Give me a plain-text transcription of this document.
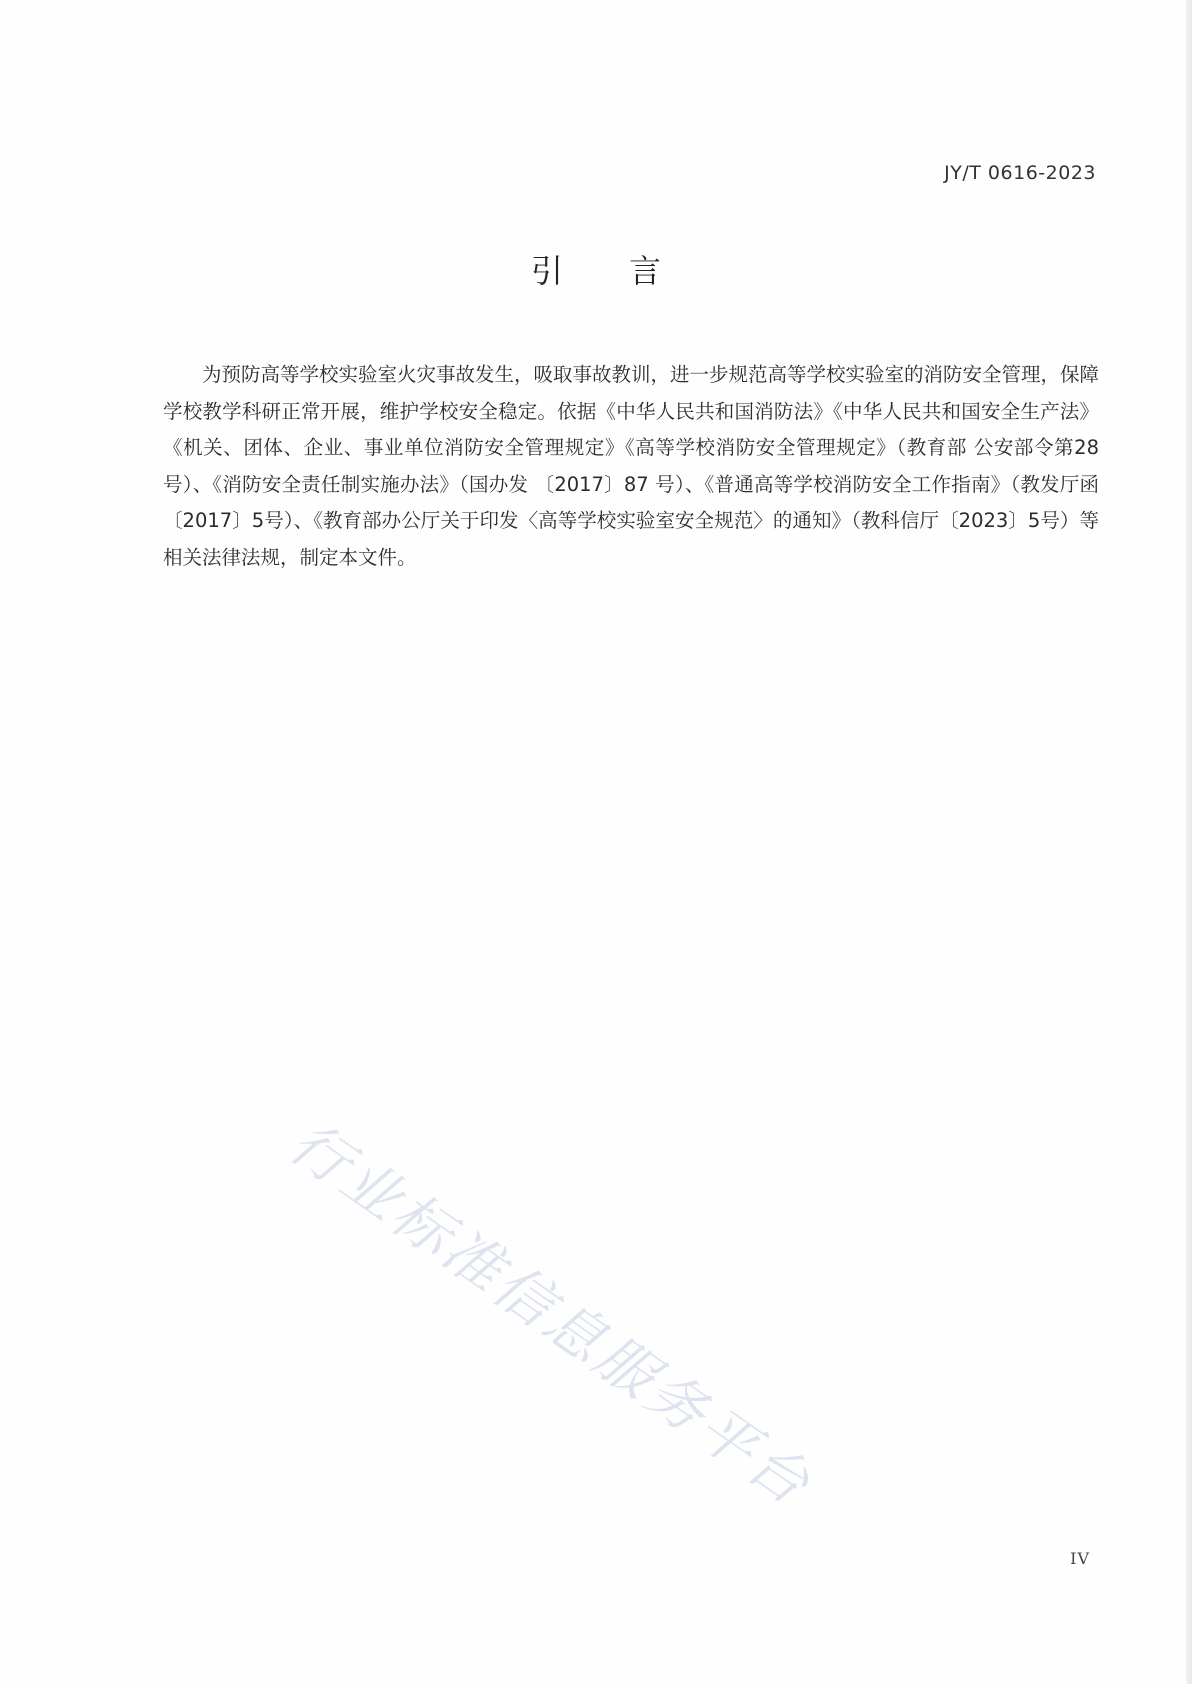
JY/T 0616-2023
引 言

为预防高等学校实验室火灾事故发生，吸取事故教训，进一步规范高等学校实验室的消防安全管理，保障学校教学科研正常开展，维护学校安全稳定。依据《中华人民共和国消防法》《中华人民共和国安全生产法》《机关、团体、企业、事业单位消防安全管理规定》《高等学校消防安全管理规定》（教育部 公安部令第28号）、《消防安全责任制实施办法》（国办发 〔2017〕87 号）、《普通高等学校消防安全工作指南》（教发厅函 〔2017〕5号）、《教育部办公厅关于印发〈高等学校实验室安全规范〉的通知》（教科信厅〔2023〕5号）等相关法律法规，制定本文件。

行业标准信息服务平台
IV
